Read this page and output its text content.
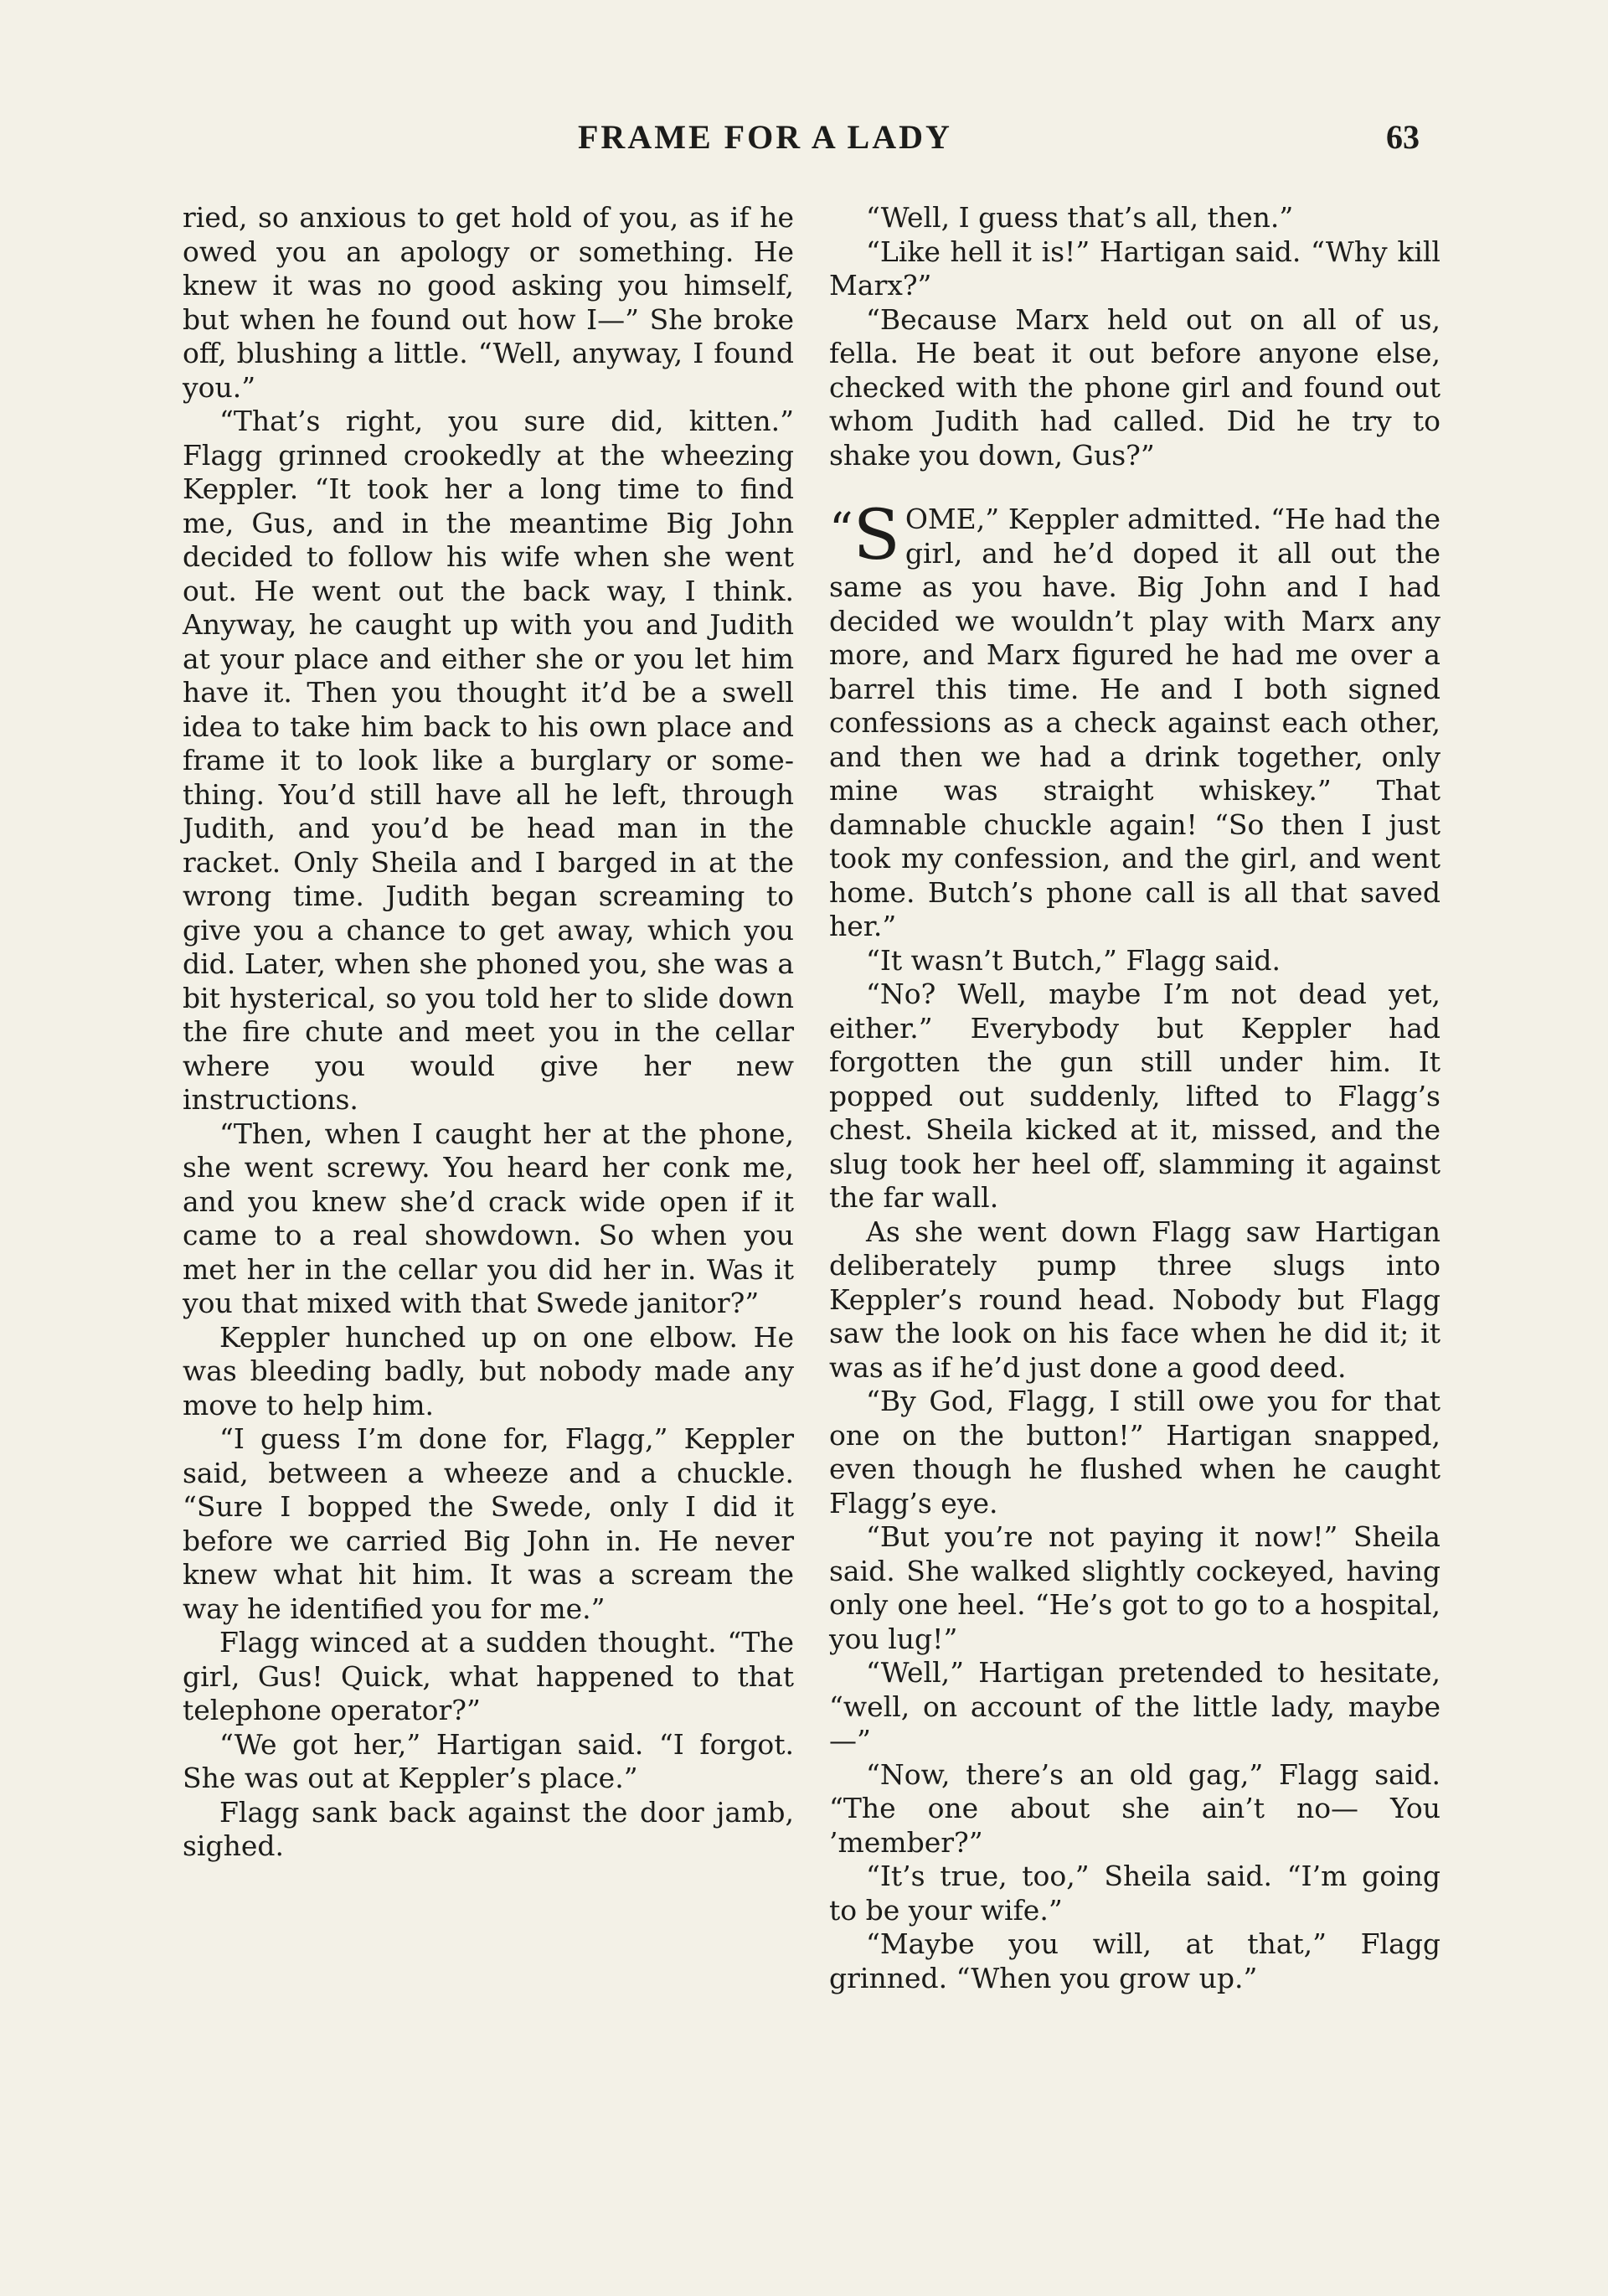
FRAME FOR A LADY	63

ried, so anxious to get hold of you, as if he owed you an apology or something. He knew it was no good asking you himself, but when he found out how I—” She broke off, blushing a little. “Well, anyway, I found you.”

“That’s right, you sure did, kitten.” Flagg grinned crookedly at the wheezing Keppler. “It took her a long time to find me, Gus, and in the meantime Big John decided to follow his wife when she went out. He went out the back way, I think. Anyway, he caught up with you and Judith at your place and either she or you let him have it. Then you thought it’d be a swell idea to take him back to his own place and frame it to look like a burglary or something. You’d still have all he left, through Judith, and you’d be head man in the racket. Only Sheila and I barged in at the wrong time. Judith began screaming to give you a chance to get away, which you did. Later, when she phoned you, she was a bit hysterical, so you told her to slide down the fire chute and meet you in the cellar where you would give her new instructions.

“Then, when I caught her at the phone, she went screwy. You heard her conk me, and you knew she’d crack wide open if it came to a real showdown. So when you met her in the cellar you did her in. Was it you that mixed with that Swede janitor?”

Keppler hunched up on one elbow. He was bleeding badly, but nobody made any move to help him.

“I guess I’m done for, Flagg,” Keppler said, between a wheeze and a chuckle. “Sure I bopped the Swede, only I did it before we carried Big John in. He never knew what hit him. It was a scream the way he identified you for me.”

Flagg winced at a sudden thought. “The girl, Gus! Quick, what happened to that telephone operator?”

“We got her,” Hartigan said. “I forgot. She was out at Keppler’s place.”

Flagg sank back against the door jamb, sighed.

“Well, I guess that’s all, then.”

“Like hell it is!” Hartigan said. “Why kill Marx?”

“Because Marx held out on all of us, fella. He beat it out before anyone else, checked with the phone girl and found out whom Judith had called. Did he try to shake you down, Gus?”

“S OME,” Keppler admitted. “He had the girl, and he’d doped it all out the same as you have. Big John and I had decided we wouldn’t play with Marx any more, and Marx figured he had me over a barrel this time. He and I both signed confessions as a check against each other, and then we had a drink together, only mine was straight whiskey.” That damnable chuckle again! “So then I just took my confession, and the girl, and went home. Butch’s phone call is all that saved her.”

“It wasn’t Butch,” Flagg said.

“No? Well, maybe I’m not dead yet, either.” Everybody but Keppler had forgotten the gun still under him. It popped out suddenly, lifted to Flagg’s chest. Sheila kicked at it, missed, and the slug took her heel off, slamming it against the far wall.

As she went down Flagg saw Hartigan deliberately pump three slugs into Keppler’s round head. Nobody but Flagg saw the look on his face when he did it; it was as if he’d just done a good deed.

“By God, Flagg, I still owe you for that one on the button!” Hartigan snapped, even though he flushed when he caught Flagg’s eye.

“But you’re not paying it now!” Sheila said. She walked slightly cockeyed, having only one heel. “He’s got to go to a hospital, you lug!”

“Well,” Hartigan pretended to hesitate, “well, on account of the little lady, maybe—”

“Now, there’s an old gag,” Flagg said. “The one about she ain’t no— You ’member?”

“It’s true, too,” Sheila said. “I’m going to be your wife.”

“Maybe you will, at that,” Flagg grinned. “When you grow up.”
